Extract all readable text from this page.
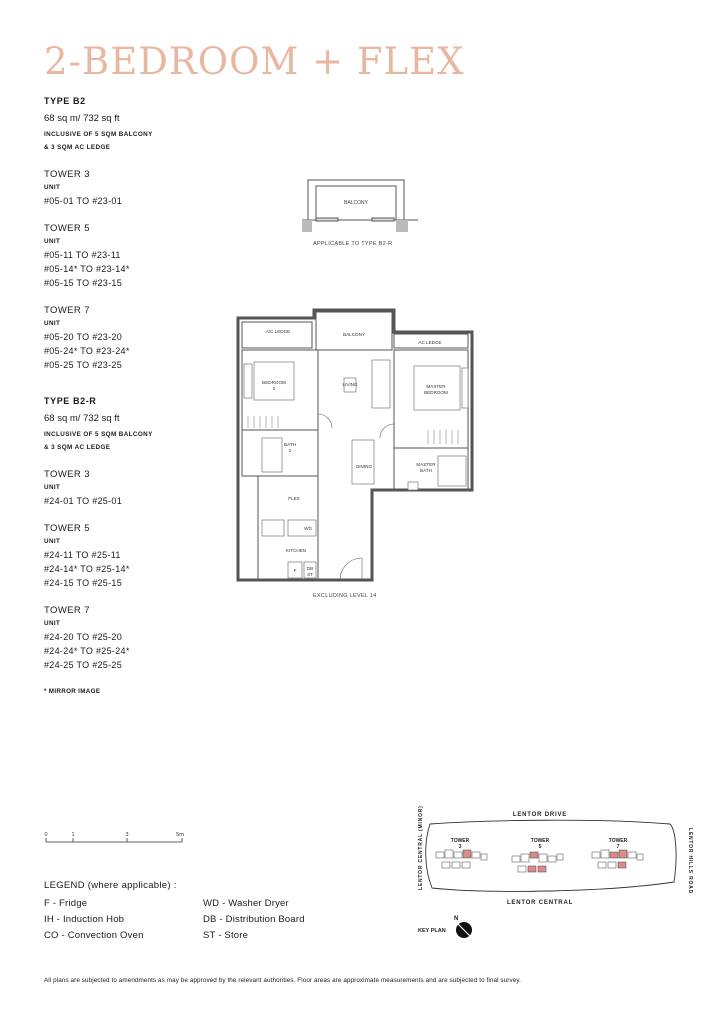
2-BEDROOM + FLEX
TYPE B2
68 sq m/ 732 sq ft
INCLUSIVE OF 5 SQM BALCONY
& 3 SQM AC LEDGE
TOWER 3
UNIT
#05-01 TO #23-01
TOWER 5
UNIT
#05-11 TO #23-11
#05-14* TO #23-14*
#05-15 TO #23-15
TOWER 7
UNIT
#05-20 TO #23-20
#05-24* TO #23-24*
#05-25 TO #23-25
TYPE B2-R
68 sq m/ 732 sq ft
INCLUSIVE OF 5 SQM BALCONY
& 3 SQM AC LEDGE
TOWER 3
UNIT
#24-01 TO #25-01
TOWER 5
UNIT
#24-11 TO #25-11
#24-14* TO #25-14*
#24-15 TO #25-15
TOWER 7
UNIT
#24-20 TO #25-20
#24-24* TO #25-24*
#24-25 TO #25-25
* MIRROR IMAGE
BALCONY
APPLICABLE TO TYPE B2-R
A/C LEDGE
BALCONY
AC LEDGE
BEDROOM
2
LIVING	MASTER
BEDROOM
BATH
2
DINING	MASTER
BATH
FLEX
WD
KITCHEN
F DB
ST
EXCLUDING LEVEL 14
0	1	3	5m
LEGEND (where applicable) :
F - Fridge
IH - Induction Hob
CO - Convection Oven
WD - Washer Dryer
DB - Distribution Board
ST - Store
LENTOR DRIVE
LENTOR CENTRAL
LENTOR CENTRAL (MINOR)	LENTOR HILLS ROAD
TOWER
3
TOWER
5
TOWER
7
KEY PLAN
N
All plans are subjected to amendments as may be approved by the relevant authorities. Floor areas are approximate measurements and are subjected to final survey.
